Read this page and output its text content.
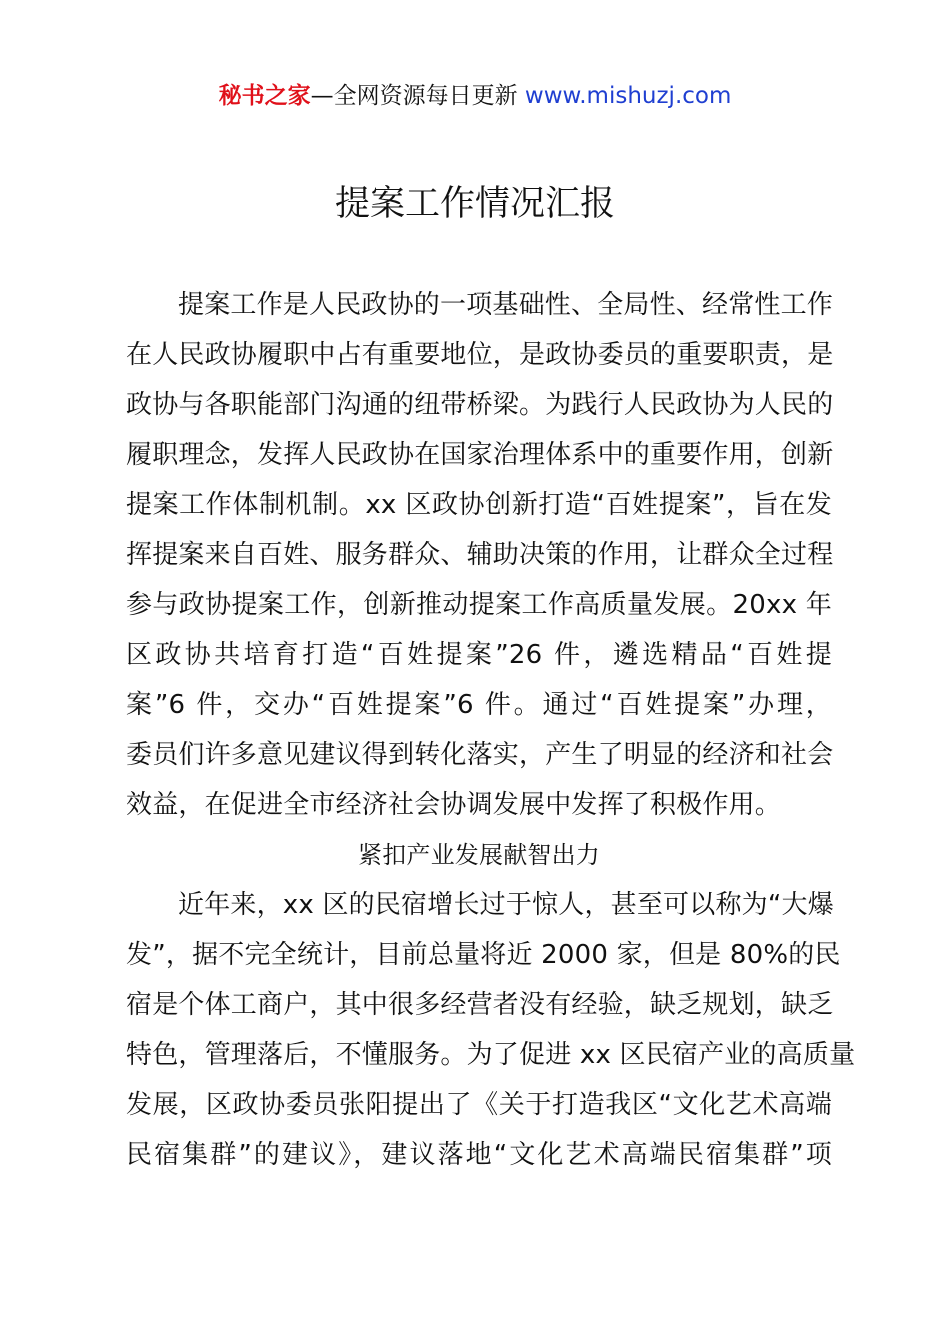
秘书之家—全网资源每日更新 www.mishuzj.com
提案工作情况汇报
提案工作是人民政协的一项基础性、全局性、经常性工作
在人民政协履职中占有重要地位，是政协委员的重要职责，是
政协与各职能部门沟通的纽带桥梁。为践行人民政协为人民的
履职理念，发挥人民政协在国家治理体系中的重要作用，创新
提案工作体制机制。xx 区政协创新打造“百姓提案”，旨在发
挥提案来自百姓、服务群众、辅助决策的作用，让群众全过程
参与政协提案工作，创新推动提案工作高质量发展。20xx 年
区政协共培育打造“百姓提案”26 件，遴选精品“百姓提
案”6 件，交办“百姓提案”6 件。通过“百姓提案”办理，
委员们许多意见建议得到转化落实，产生了明显的经济和社会
效益，在促进全市经济社会协调发展中发挥了积极作用。
紧扣产业发展献智出力
近年来，xx 区的民宿增长过于惊人，甚至可以称为“大爆
发”，据不完全统计，目前总量将近 2000 家，但是 80%的民
宿是个体工商户，其中很多经营者没有经验，缺乏规划，缺乏
特色，管理落后，不懂服务。为了促进 xx 区民宿产业的高质量
发展，区政协委员张阳提出了《关于打造我区“文化艺术高端
民宿集群”的建议》，建议落地“文化艺术高端民宿集群”项
